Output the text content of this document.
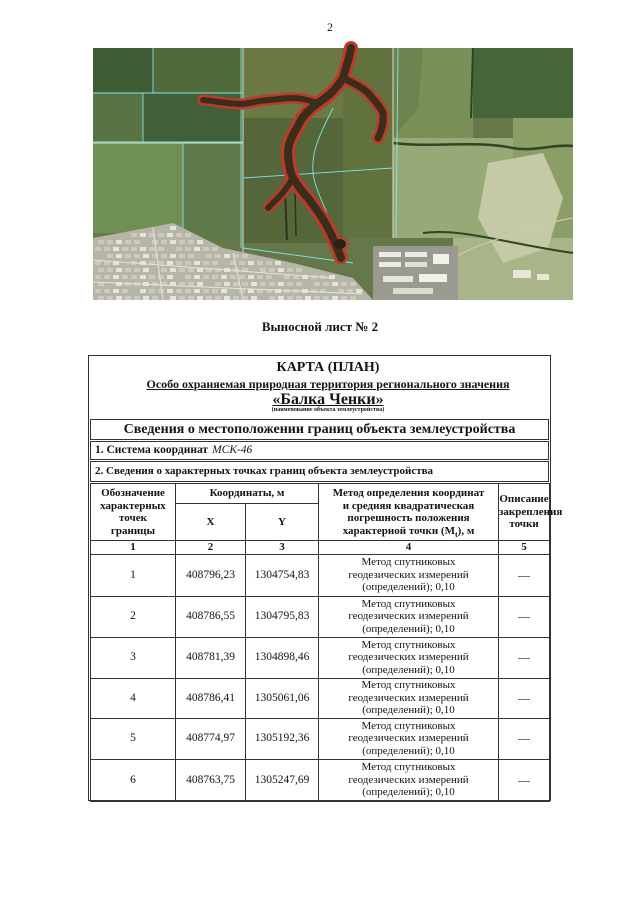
2
Выносной лист № 2
КАРТА (ПЛАН)
Особо охраняемая природная территория регионального значения
«Балка Ченки»
(наименование объекта землеустройства)
Сведения о местоположении границ объекта землеустройства
1. Система координат МСК-46
2. Сведения о характерных точках границ объекта землеустройства
Обозначение
характерных
точек
границы	Координаты, м		Метод определения координат
и средняя квадратическая
погрешность положения
характерной точки $(M_t)$, м	Описание
закрепления
точки

	X	Y		
1	2	3	4	5
1	408796,23	1304754,83	Метод спутниковых
геодезических измерений
(определений); 0,10	—
2	408786,55	1304795,83	Метод спутниковых
геодезических измерений
(определений); 0,10	—
3	408781,39	1304898,46	Метод спутниковых
геодезических измерений
(определений); 0,10	—
4	408786,41	1305061,06	Метод спутниковых
геодезических измерений
(определений); 0,10	—
5	408774,97	1305192,36	Метод спутниковых
геодезических измерений
(определений); 0,10	—
6	408763,75	1305247,69	Метод спутниковых
геодезических измерений
(определений); 0,10	—
